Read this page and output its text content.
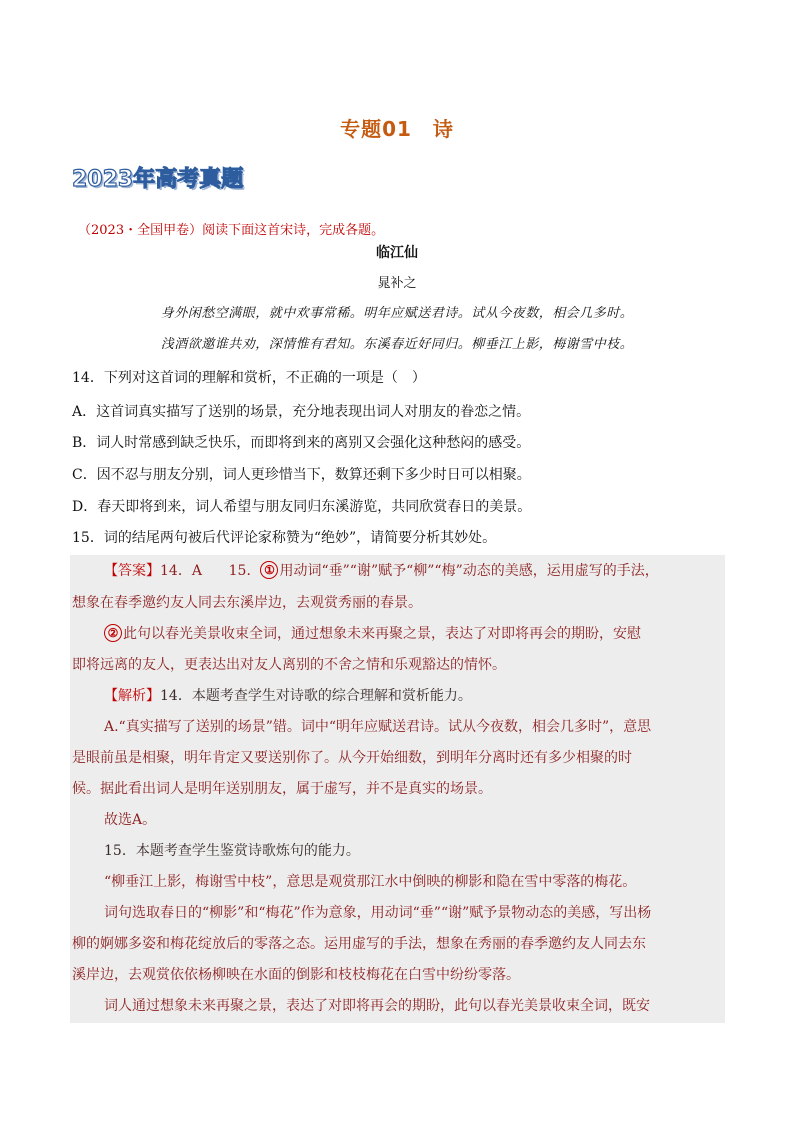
专题01　诗
2023年高考真题
（2023・全国甲卷）阅读下面这首宋诗，完成各题。
临江仙
晁补之
身外闲愁空满眼，就中欢事常稀。明年应赋送君诗。试从今夜数，相会几多时。
浅酒欲邀谁共劝，深情惟有君知。东溪春近好同归。柳垂江上影，梅谢雪中枝。
14．下列对这首词的理解和赏析，不正确的一项是（　）
A．这首词真实描写了送别的场景，充分地表现出词人对朋友的眷恋之情。
B．词人时常感到缺乏快乐，而即将到来的离别又会强化这种愁闷的感受。
C．因不忍与朋友分别，词人更珍惜当下，数算还剩下多少时日可以相聚。
D．春天即将到来，词人希望与朋友同归东溪游览，共同欣赏春日的美景。
15．词的结尾两句被后代评论家称赞为“绝妙”，请简要分析其妙处。
【答案】14．A 15． ① 用动词“垂”“谢”赋予“柳”“梅”动态的美感，运用虚写的手法，
想象在春季邀约友人同去东溪岸边，去观赏秀丽的春景。
② 此句以春光美景收束全词，通过想象未来再聚之景，表达了对即将再会的期盼，安慰
即将远离的友人，更表达出对友人离别的不舍之情和乐观豁达的情怀。
【解析】14．本题考查学生对诗歌的综合理解和赏析能力。
A.“真实描写了送别的场景”错。词中“明年应赋送君诗。试从今夜数，相会几多时”，意思
是眼前虽是相聚，明年肯定又要送别你了。从今开始细数，到明年分离时还有多少相聚的时
候。据此看出词人是明年送别朋友，属于虚写，并不是真实的场景。
故选A。
15．本题考查学生鉴赏诗歌炼句的能力。
“柳垂江上影，梅谢雪中枝”，意思是观赏那江水中倒映的柳影和隐在雪中零落的梅花。
词句选取春日的“柳影”和“梅花”作为意象，用动词“垂”“谢”赋予景物动态的美感，写出杨
柳的婀娜多姿和梅花绽放后的零落之态。运用虚写的手法，想象在秀丽的春季邀约友人同去东
溪岸边，去观赏依依杨柳映在水面的倒影和枝枝梅花在白雪中纷纷零落。
词人通过想象未来再聚之景，表达了对即将再会的期盼，此句以春光美景收束全词，既安
